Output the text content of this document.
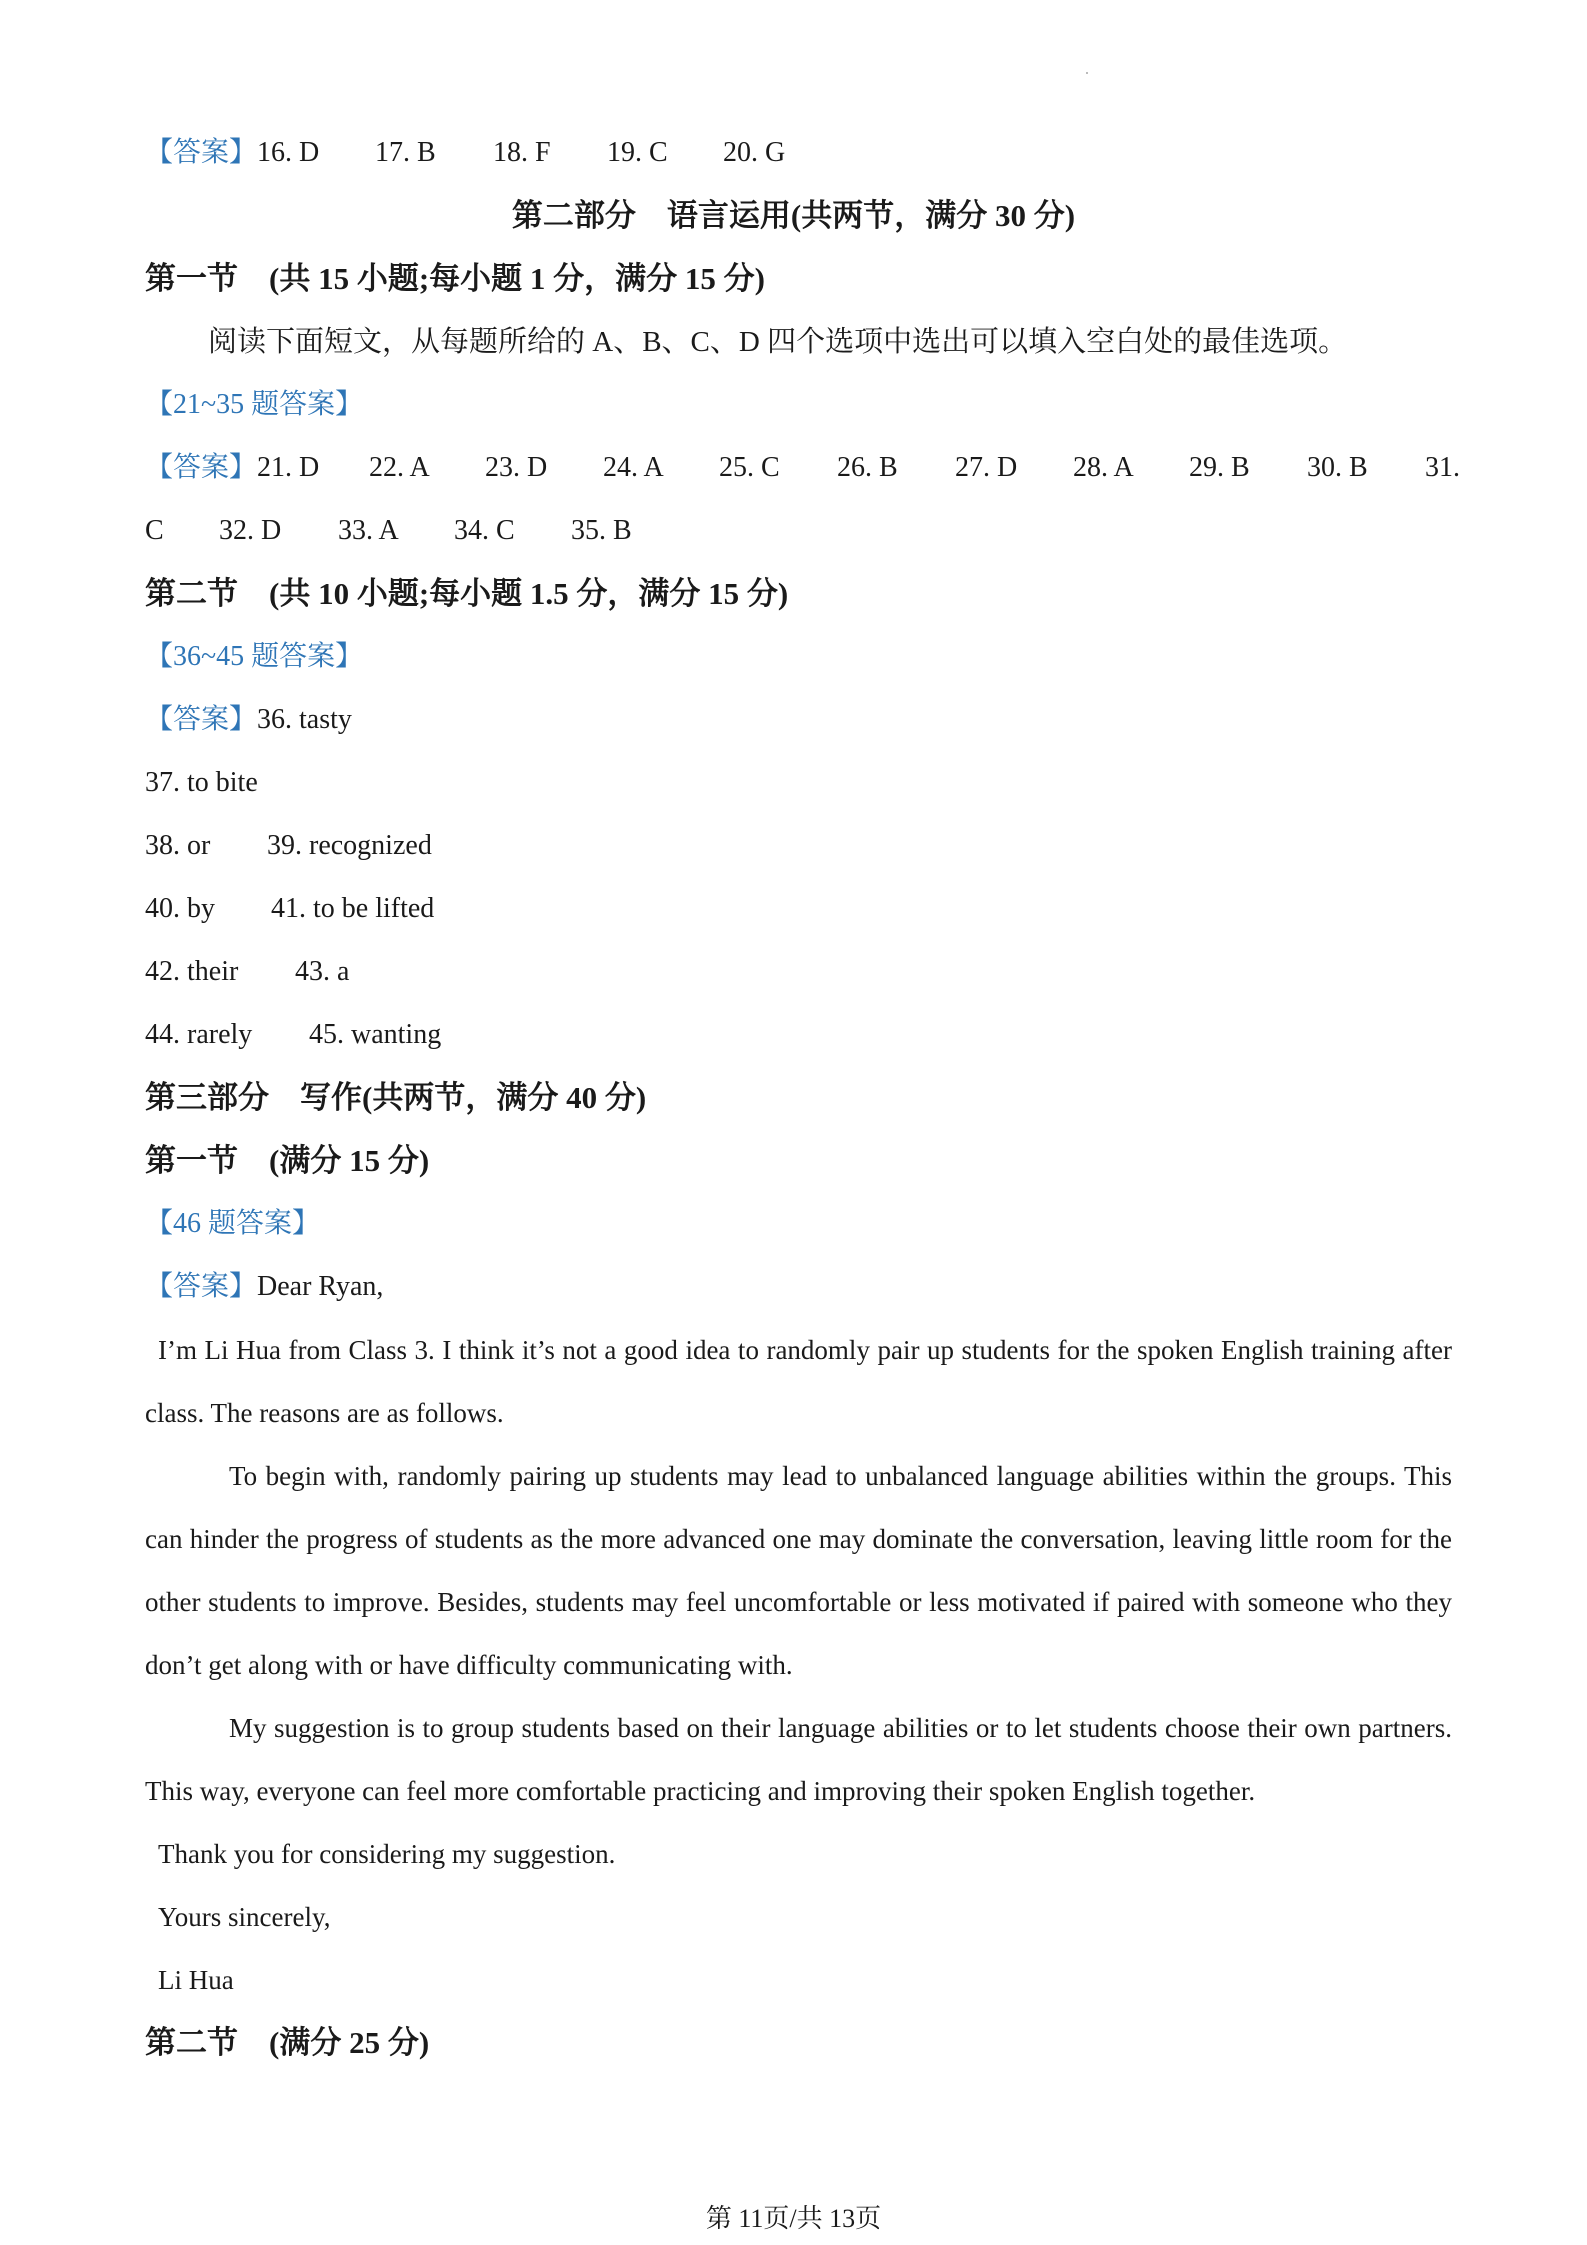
【答案】16. D 17. B 18. F 19. C 20. G
第二部分　语言运用(共两节，满分 30 分)
第一节　(共 15 小题;每小题 1 分，满分 15 分)
阅读下面短文，从每题所给的 A、B、C、D 四个选项中选出可以填入空白处的最佳选项。
【21~35 题答案】
【答案】21. D 22. A 23. D 24. A 25. C 26. B 27. D 28. A 29. B 30. B 31.
C 32. D 33. A 34. C 35. B
第二节　(共 10 小题;每小题 1.5 分，满分 15 分)
【36~45 题答案】
【答案】36. tasty
37. to bite
38. or 39. recognized
40. by 41. to be lifted
42. their 43. a
44. rarely 45. wanting
第三部分　写作(共两节，满分 40 分)
第一节　(满分 15 分)
【46 题答案】
【答案】Dear Ryan,
I’m Li Hua from Class 3. I think it’s not a good idea to randomly pair up students for the spoken English training after class. The reasons are as follows.
To begin with, randomly pairing up students may lead to unbalanced language abilities within the groups. This can hinder the progress of students as the more advanced one may dominate the conversation, leaving little room for the other students to improve. Besides, students may feel uncomfortable or less motivated if paired with someone who they don’t get along with or have difficulty communicating with.
My suggestion is to group students based on their language abilities or to let students choose their own partners. This way, everyone can feel more comfortable practicing and improving their spoken English together.
Thank you for considering my suggestion.
Yours sincerely,
Li Hua
第二节　(满分 25 分)
第 11页/共 13页
